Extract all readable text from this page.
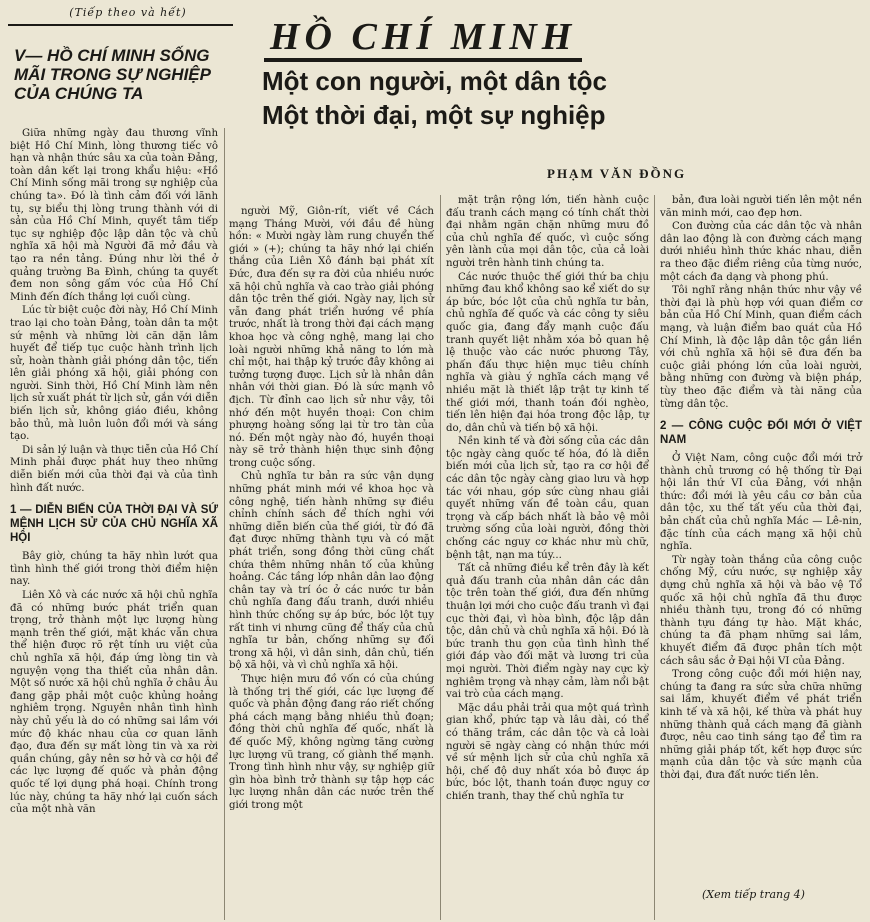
(Tiếp theo và hết)
V— HỒ CHÍ MINH SỐNG MÃI TRONG SỰ NGHIỆP CỦA CHÚNG TA
HỒ CHÍ MINH
Một con người, một dân tộc
Một thời đại, một sự nghiệp
PHẠM VĂN ĐỒNG

Giữa những ngày đau thương vĩnh biệt Hồ Chí Minh, lòng thương tiếc vô hạn và nhận thức sâu xa của toàn Đảng, toàn dân kết lại trong khẩu hiệu: «Hồ Chí Minh sống mãi trong sự nghiệp của chúng ta». Đó là tình cảm đối với lãnh tụ, sự biểu thị lòng trung thành với di sản của Hồ Chí Minh, quyết tâm tiếp tục sự nghiệp độc lập dân tộc và chủ nghĩa xã hội mà Người đã mở đầu và tạo ra nền tảng. Đúng như lời thề ở quảng trường Ba Đình, chúng ta quyết đem non sông gấm vóc của Hồ Chí Minh đến đích thắng lợi cuối cùng.

Lúc từ biệt cuộc đời này, Hồ Chí Minh trao lại cho toàn Đảng, toàn dân ta một sứ mệnh và những lời căn dặn lâm huyết để tiếp tục cuộc hành trình lịch sử, hoàn thành giải phóng dân tộc, tiến lên giải phóng xã hội, giải phóng con người. Sinh thời, Hồ Chí Minh làm nên lịch sử xuất phát từ lịch sử, gắn với diễn biến lịch sử, không giáo điều, không bảo thủ, mà luôn luôn đổi mới và sáng tạo.

Di sản lý luận và thực tiễn của Hồ Chí Minh phải được phát huy theo những diễn biến mới của thời đại và của tình hình đất nước.

1 — DIỄN BIẾN CỦA THỜI ĐẠI VÀ SỨ MỆNH LỊCH SỬ CỦA CHỦ NGHĨA XÃ HỘI

Bây giờ, chúng ta hãy nhìn lướt qua tình hình thế giới trong thời điểm hiện nay.

Liên Xô và các nước xã hội chủ nghĩa đã có những bước phát triển quan trọng, trở thành một lực lượng hùng mạnh trên thế giới, mặt khác vẫn chưa thể hiện được rõ rệt tính ưu việt của chủ nghĩa xã hội, đáp ứng lòng tin và nguyện vọng tha thiết của nhân dân. Một số nước xã hội chủ nghĩa ở châu Âu đang gặp phải một cuộc khủng hoảng nghiêm trọng. Nguyên nhân tình hình này chủ yếu là do có những sai lầm với mức độ khác nhau của cơ quan lãnh đạo, đưa đến sự mất lòng tin và xa rời quần chúng, gây nên sơ hở và cơ hội để các lực lượng đế quốc và phản động quốc tế lợi dụng phá hoại. Chính trong lúc này, chúng ta hãy nhớ lại cuốn sách của một nhà văn

người Mỹ, Giôn-rít, viết về Cách mạng Tháng Mười, với đầu đề hùng hồn: « Mười ngày làm rung chuyển thế giới » (+); chúng ta hãy nhớ lại chiến thắng của Liên Xô đánh bại phát xít Đức, đưa đến sự ra đời của nhiều nước xã hội chủ nghĩa và cao trào giải phóng dân tộc trên thế giới. Ngày nay, lịch sử vẫn đang phát triển hướng về phía trước, nhất là trong thời đại cách mạng khoa học và công nghệ, mang lại cho loài người những khả năng to lớn mà chỉ một, hai thập kỷ trước đây không ai tưởng tượng được. Lịch sử là nhân dân nhân với thời gian. Đó là sức mạnh vô địch. Từ đỉnh cao lịch sử như vậy, tôi nhớ đến một huyền thoại: Con chim phượng hoàng sống lại từ tro tàn của nó. Đến một ngày nào đó, huyền thoại này sẽ trở thành hiện thực sinh động trong cuộc sống.

Chủ nghĩa tư bản ra sức vận dụng những phát minh mới về khoa học và công nghệ, tiến hành những sự điều chỉnh chính sách để thích nghi với những diễn biến của thế giới, từ đó đã đạt được những thành tựu và có mặt phát triển, song đồng thời cũng chất chứa thêm những nhân tố của khủng hoảng. Các tầng lớp nhân dân lao động chân tay và trí óc ở các nước tư bản chủ nghĩa đang đấu tranh, dưới nhiều hình thức chống sự áp bức, bóc lột tụy rất tinh vi nhưng cũng để thấy của chủ nghĩa tư bản, chống những sự đối trong xã hội, vì dân sinh, dân chủ, tiến bộ xã hội, và vì chủ nghĩa xã hội.

Thực hiện mưu đồ vốn có của chúng là thống trị thế giới, các lực lượng đế quốc và phản động đang ráo riết chống phá cách mạng bằng nhiều thủ đoạn; đồng thời chủ nghĩa đế quốc, nhất là đế quốc Mỹ, không ngừng tăng cường lực lượng vũ trang, cố giành thế mạnh. Trong tình hình như vậy, sự nghiệp giữ gìn hòa bình trở thành sự tập hợp các lực lượng nhân dân các nước trên thế giới trong một

mặt trận rộng lớn, tiến hành cuộc đấu tranh cách mạng có tính chất thời đại nhằm ngăn chặn những mưu đồ của chủ nghĩa đế quốc, vì cuộc sống yên lành của mọi dân tộc, của cả loài người trên hành tinh chúng ta.

Các nước thuộc thế giới thứ ba chịu những đau khổ không sao kể xiết do sự áp bức, bóc lột của chủ nghĩa tư bản, chủ nghĩa đế quốc và các công ty siêu quốc gia, đang đẩy mạnh cuộc đấu tranh quyết liệt nhằm xóa bỏ quan hệ lệ thuộc vào các nước phương Tây, phấn đấu thực hiện mục tiêu chính nghĩa và giàu ý nghĩa cách mạng về nhiều mặt là thiết lập trật tự kinh tế thế giới mới, thanh toán đói nghèo, tiến lên hiện đại hóa trong độc lập, tự do, dân chủ và tiến bộ xã hội.

Nền kinh tế và đời sống của các dân tộc ngày càng quốc tế hóa, đó là diễn biến mới của lịch sử, tạo ra cơ hội để các dân tộc ngày càng giao lưu và hợp tác với nhau, góp sức cùng nhau giải quyết những vấn đề toàn cầu, quan trọng và cấp bách nhất là bảo vệ môi trường sống của loài người, đồng thời chống các nguy cơ khác như mù chữ, bệnh tật, nạn ma túy...

Tất cả những điều kể trên đây là kết quả đấu tranh của nhân dân các dân tộc trên toàn thế giới, đưa đến những thuận lợi mới cho cuộc đấu tranh vì đại cục thời đại, vì hòa bình, độc lập dân tộc, dân chủ và chủ nghĩa xã hội. Đó là bức tranh thu gọn của tình hình thế giới đáp vào đối mặt và lương tri của mọi người. Thời điểm ngày nay cực kỳ nghiêm trọng và nhạy cảm, làm nổi bật vai trò của cách mạng.

Mặc dầu phải trải qua một quá trình gian khổ, phức tạp và lâu dài, có thể có thăng trầm, các dân tộc và cả loài người sẽ ngày càng có nhận thức mới về sứ mệnh lịch sử của chủ nghĩa xã hội, chế độ duy nhất xóa bỏ được áp bức, bóc lột, thanh toán được nguy cơ chiến tranh, thay thế chủ nghĩa tư

bản, đưa loài người tiến lên một nền văn minh mới, cao đẹp hơn.

Con đường của các dân tộc và nhân dân lao động là con đường cách mạng dưới nhiều hình thức khác nhau, diễn ra theo đặc điểm riêng của từng nước, một cách đa dạng và phong phú.

Tôi nghĩ rằng nhận thức như vậy về thời đại là phù hợp với quan điểm cơ bản của Hồ Chí Minh, quan điểm cách mạng, và luận điểm bao quát của Hồ Chí Minh, là độc lập dân tộc gắn liền với chủ nghĩa xã hội sẽ đưa đến ba cuộc giải phóng lớn của loài người, bằng những con đường và biện pháp, tùy theo đặc điểm và tài năng của từng dân tộc.

2 — CÔNG CUỘC ĐỔI MỚI Ở VIỆT NAM

Ở Việt Nam, công cuộc đổi mới trở thành chủ trương có hệ thống từ Đại hội lần thứ VI của Đảng, với nhận thức: đổi mới là yêu cầu cơ bản của dân tộc, xu thế tất yếu của thời đại, bản chất của chủ nghĩa Mác — Lê-nin, đặc tính của cách mạng xã hội chủ nghĩa.

Từ ngày toàn thắng của công cuộc chống Mỹ, cứu nước, sự nghiệp xây dựng chủ nghĩa xã hội và bảo vệ Tổ quốc xã hội chủ nghĩa đã thu được nhiều thành tựu, trong đó có những thành tựu đáng tự hào. Mặt khác, chúng ta đã phạm những sai lầm, khuyết điểm đã được phân tích một cách sâu sắc ở Đại hội VI của Đảng.

Trong công cuộc đổi mới hiện nay, chúng ta đang ra sức sửa chữa những sai lầm, khuyết điểm về phát triển kinh tế và xã hội, kế thừa và phát huy những thành quả cách mạng đã giành được, nêu cao tinh sáng tạo để tìm ra những giải pháp tốt, kết hợp được sức mạnh của dân tộc và sức mạnh của thời đại, đưa đất nước tiến lên.

(Xem tiếp trang 4)
